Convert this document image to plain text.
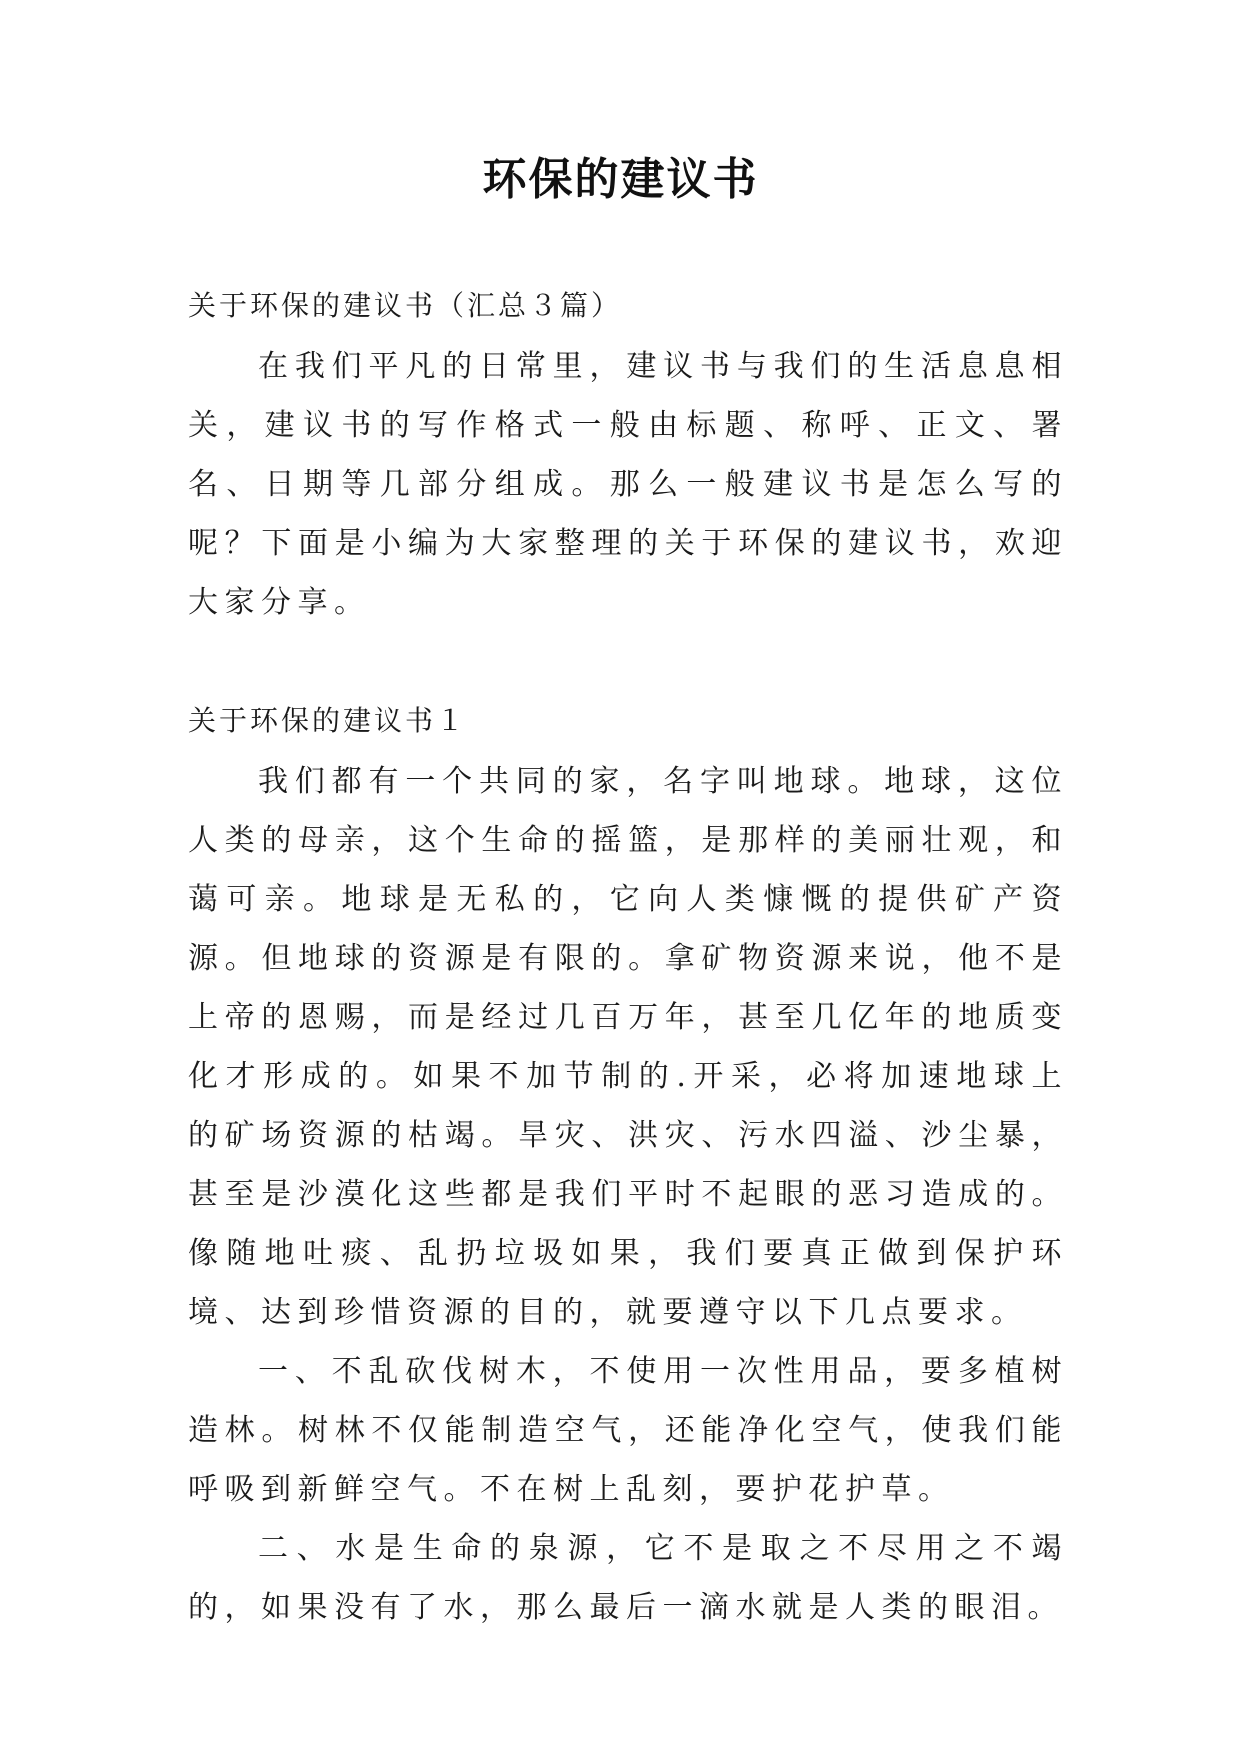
环保的建议书

关于环保的建议书（汇总３篇）

在我们平凡的日常里，建议书与我们的生活息息相关，建议书的写作格式一般由标题、称呼、正文、署名、日期等几部分组成。那么一般建议书是怎么写的呢？下面是小编为大家整理的关于环保的建议书，欢迎大家分享。

关于环保的建议书１

我们都有一个共同的家，名字叫地球。地球，这位人类的母亲，这个生命的摇篮，是那样的美丽壮观，和蔼可亲。地球是无私的，它向人类慷慨的提供矿产资源。但地球的资源是有限的。拿矿物资源来说，他不是上帝的恩赐，而是经过几百万年，甚至几亿年的地质变化才形成的。如果不加节制的.开采，必将加速地球上的矿场资源的枯竭。旱灾、洪灾、污水四溢、沙尘暴，甚至是沙漠化这些都是我们平时不起眼的恶习造成的。像随地吐痰、乱扔垃圾如果，我们要真正做到保护环境、达到珍惜资源的目的，就要遵守以下几点要求。

一、不乱砍伐树木，不使用一次性用品，要多植树造林。树林不仅能制造空气，还能净化空气，使我们能呼吸到新鲜空气。不在树上乱刻，要护花护草。

二、水是生命的泉源，它不是取之不尽用之不竭的，如果没有了水，那么最后一滴水就是人类的眼泪。
